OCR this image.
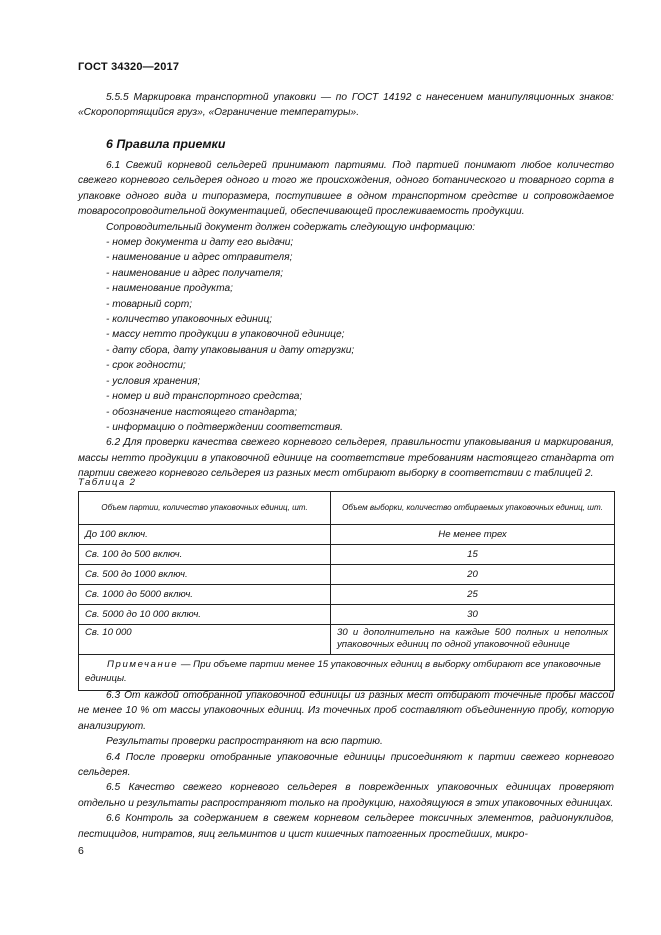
ГОСТ 34320—2017

5.5.5 Маркировка транспортной упаковки — по ГОСТ 14192 с нанесением манипуляционных знаков: «Скоропортящийся груз», «Ограничение температуры».

6 Правила приемки

6.1 Свежий корневой сельдерей принимают партиями. Под партией понимают любое количество свежего корневого сельдерея одного и того же происхождения, одного ботанического и товарного сорта в упаковке одного вида и типоразмера, поступившее в одном транспортном средстве и сопровождаемое товаросопроводительной документацией, обеспечивающей прослеживаемость продукции.

Сопроводительный документ должен содержать следующую информацию:

- номер документа и дату его выдачи;
- наименование и адрес отправителя;
- наименование и адрес получателя;
- наименование продукта;
- товарный сорт;
- количество упаковочных единиц;
- массу нетто продукции в упаковочной единице;
- дату сбора, дату упаковывания и дату отгрузки;
- срок годности;
- условия хранения;
- номер и вид транспортного средства;
- обозначение настоящего стандарта;
- информацию о подтверждении соответствия.

6.2 Для проверки качества свежего корневого сельдерея, правильности упаковывания и маркирования, массы нетто продукции в упаковочной единице на соответствие требованиям настоящего стандарта от партии свежего корневого сельдерея из разных мест отбирают выборку в соответствии с таблицей 2.

Таблица 2
Объем партии, количество упаковочных единиц, шт.	Объем выборки, количество отбираемых упаковочных единиц, шт.
До 100 включ.	Не менее трех
Св. 100 до 500 включ.	15
Св. 500 до 1000 включ.	20
Св. 1000 до 5000 включ.	25
Св. 5000 до 10 000 включ.	30
Св. 10 000	30 и дополнительно на каждые 500 полных и неполных упаковочных единиц по одной упаковочной единице
Примечание — При объеме партии менее 15 упаковочных единиц в выборку отбирают все упаковочные единицы.	

6.3 От каждой отобранной упаковочной единицы из разных мест отбирают точечные пробы массой не менее 10 % от массы упаковочных единиц. Из точечных проб составляют объединенную пробу, которую анализируют.

Результаты проверки распространяют на всю партию.

6.4 После проверки отобранные упаковочные единицы присоединяют к партии свежего корневого сельдерея.

6.5 Качество свежего корневого сельдерея в поврежденных упаковочных единицах проверяют отдельно и результаты распространяют только на продукцию, находящуюся в этих упаковочных единицах.

6.6 Контроль за содержанием в свежем корневом сельдерее токсичных элементов, радионуклидов, пестицидов, нитратов, яиц гельминтов и цист кишечных патогенных простейших, микро-

6
